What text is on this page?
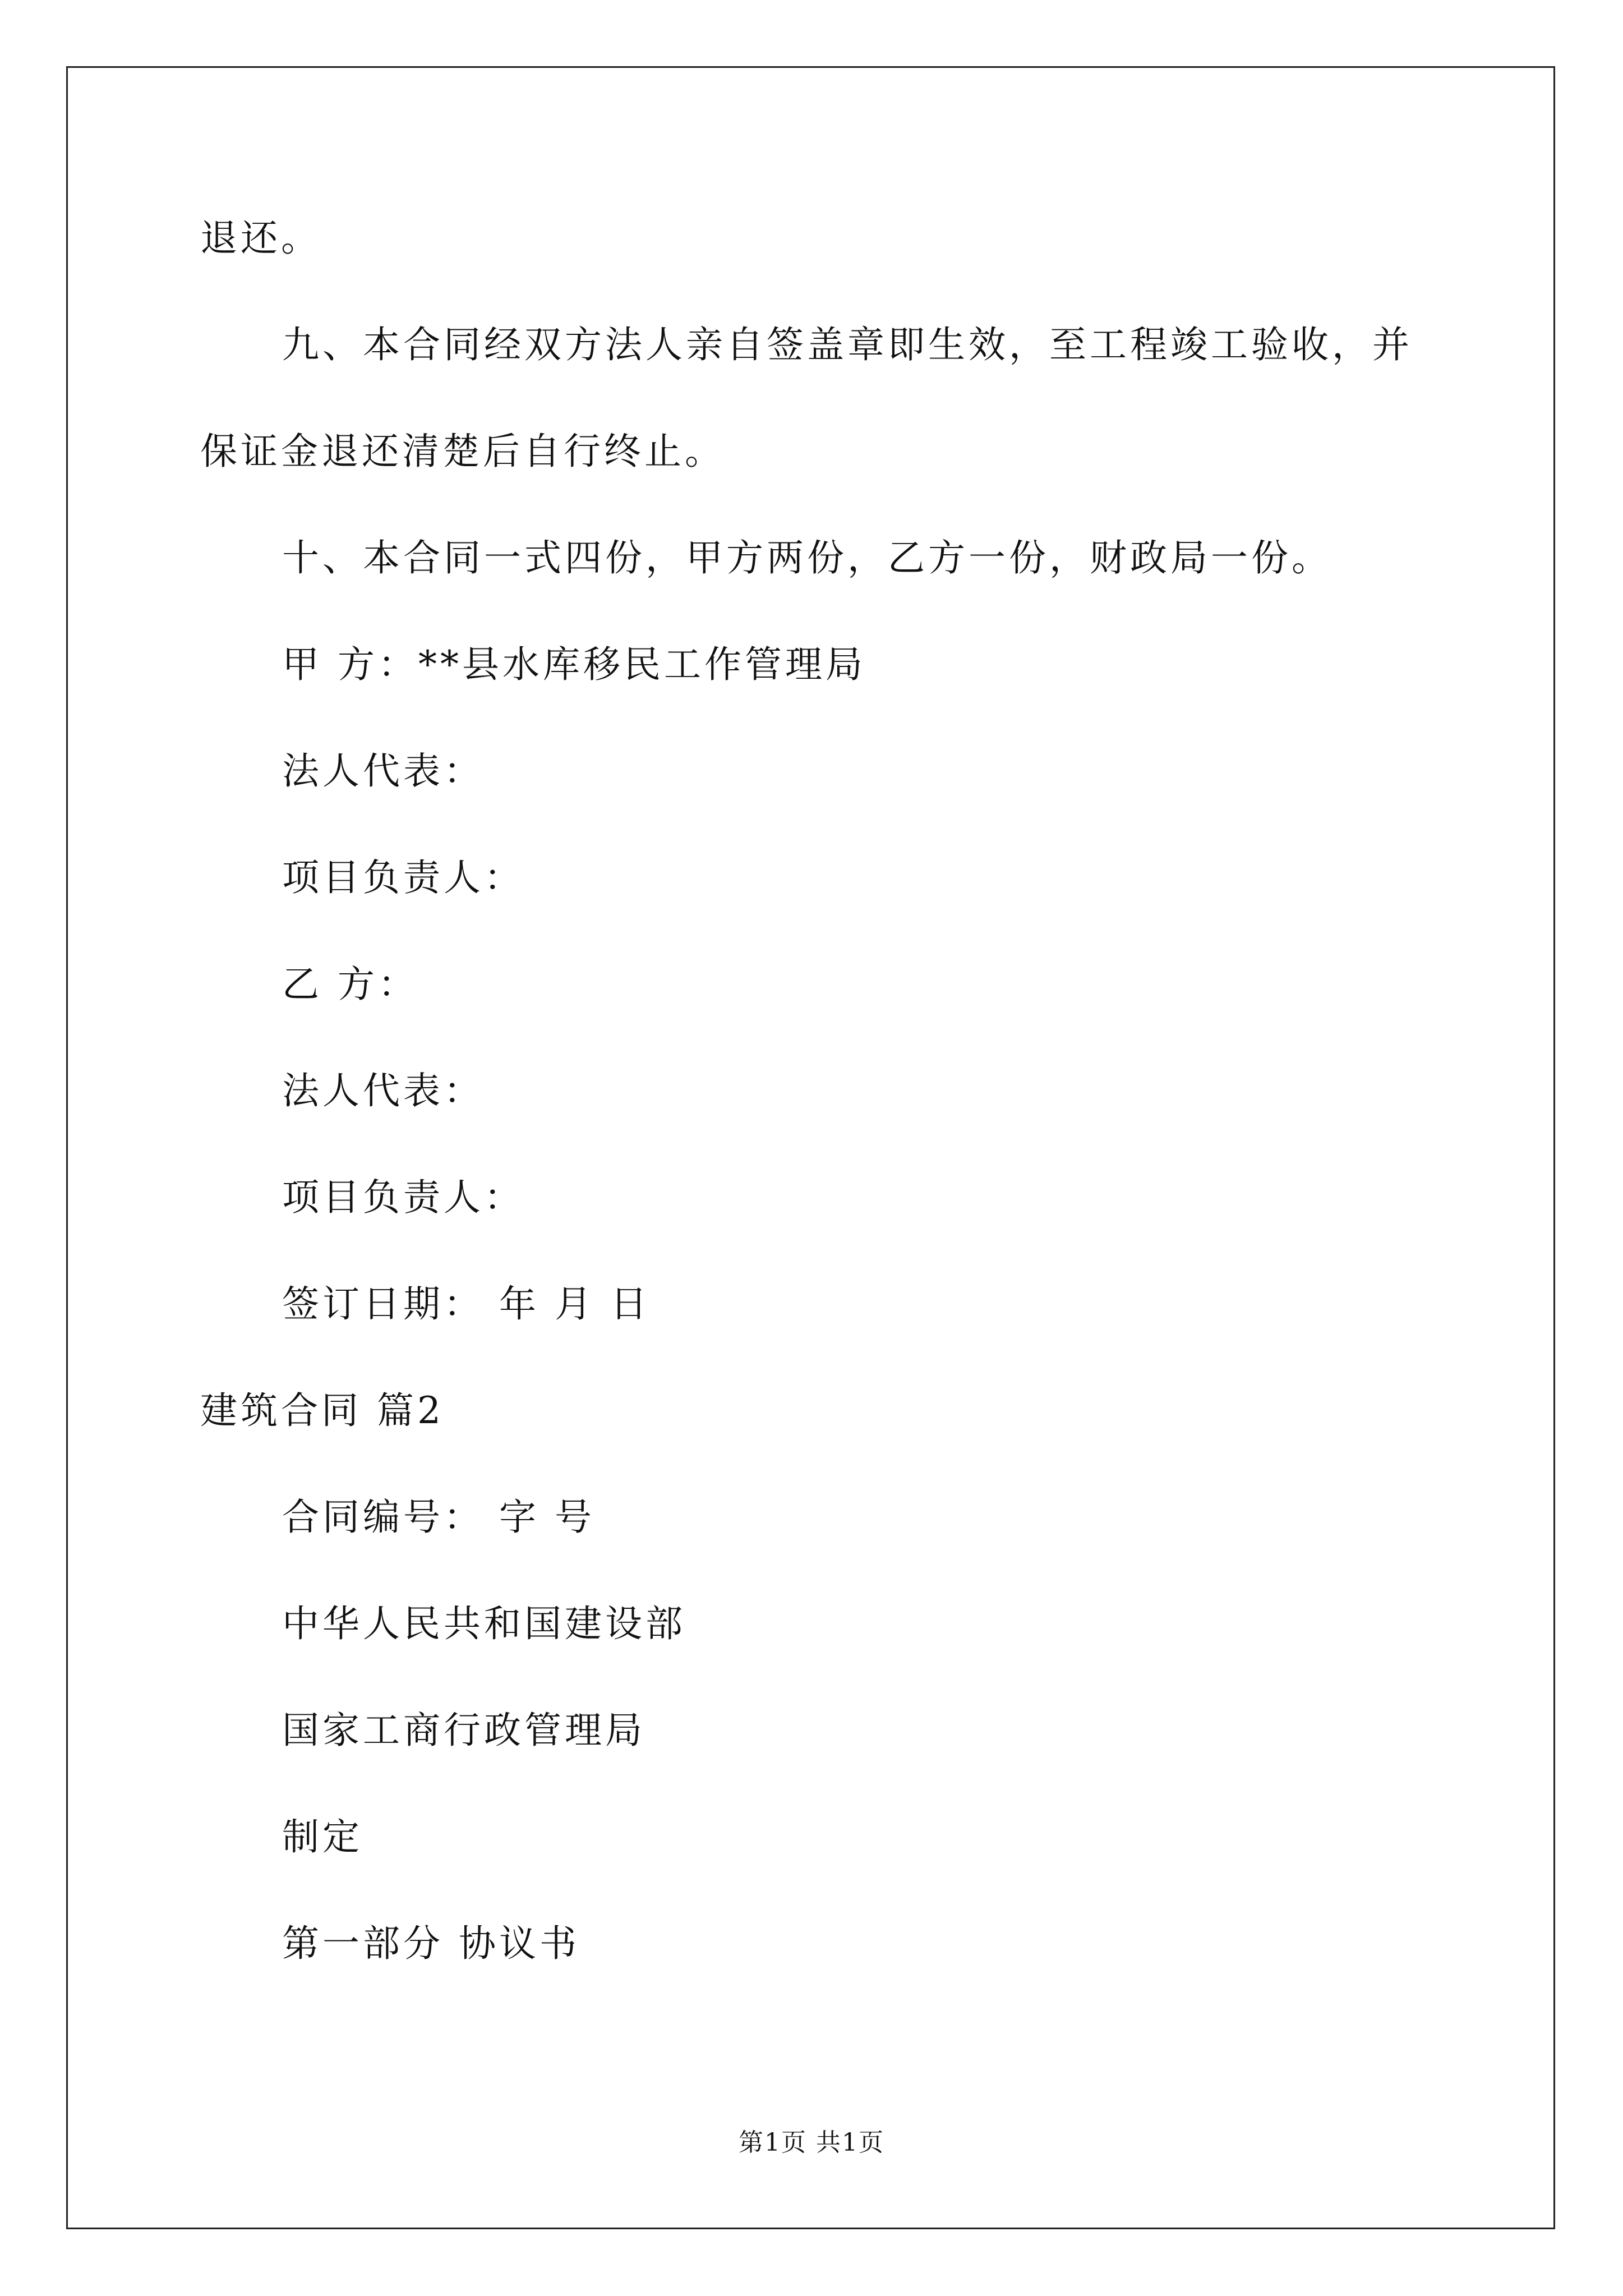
退还。
九、本合同经双方法人亲自签盖章即生效，至工程竣工验收，并
保证金退还清楚后自行终止。
十、本合同一式四份，甲方两份，乙方一份，财政局一份。
甲 方：**县水库移民工作管理局
法人代表：
项目负责人：
乙 方：
法人代表：
项目负责人：
签订日期： 年 月 日
建筑合同 篇2
合同编号： 字 号
中华人民共和国建设部
国家工商行政管理局
制定
第一部分 协议书
第1页 共1页
